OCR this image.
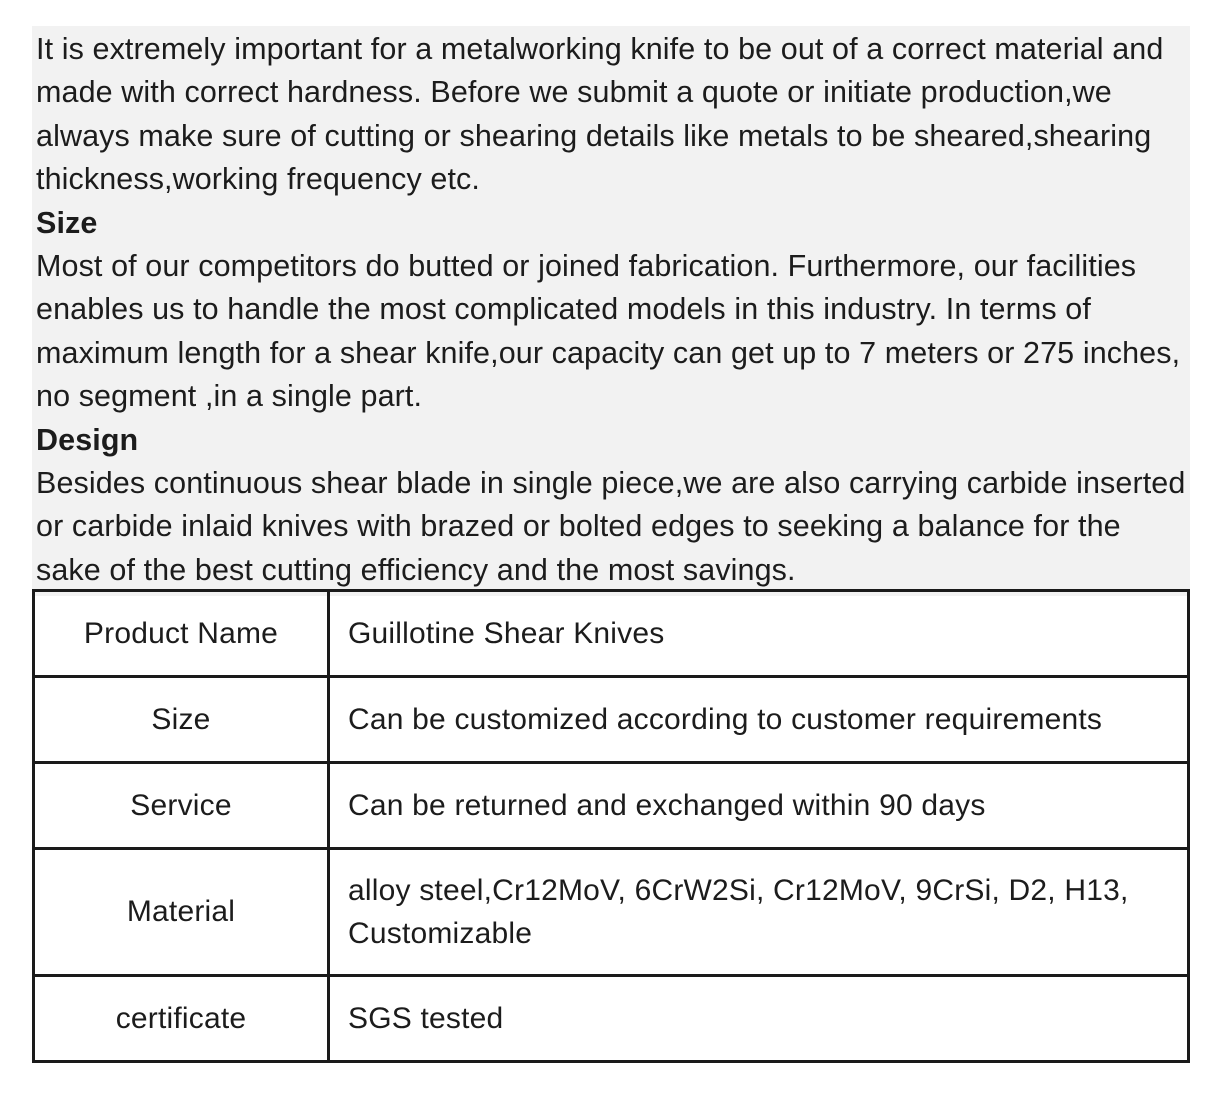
It is extremely important for a metalworking knife to be out of a correct material and made with correct hardness. Before we submit a quote or initiate production,we always make sure of cutting or shearing details like metals to be sheared,shearing thickness,working frequency etc.

Size

Most of our competitors do butted or joined fabrication. Furthermore, our facilities enables us to handle the most complicated models in this industry. In terms of maximum length for a shear knife,our capacity can get up to 7 meters or 275 inches, no segment ,in a single part.

Design

Besides continuous shear blade in single piece,we are also carrying carbide inserted or carbide inlaid knives with brazed or bolted edges to seeking a balance for the sake of the best cutting efficiency and the most savings.

Product Name	Guillotine Shear Knives
Size	Can be customized according to customer requirements
Service	Can be returned and exchanged within 90 days
Material	alloy steel,Cr12MoV, 6CrW2Si, Cr12MoV, 9CrSi, D2, H13, Customizable
certificate	SGS tested
